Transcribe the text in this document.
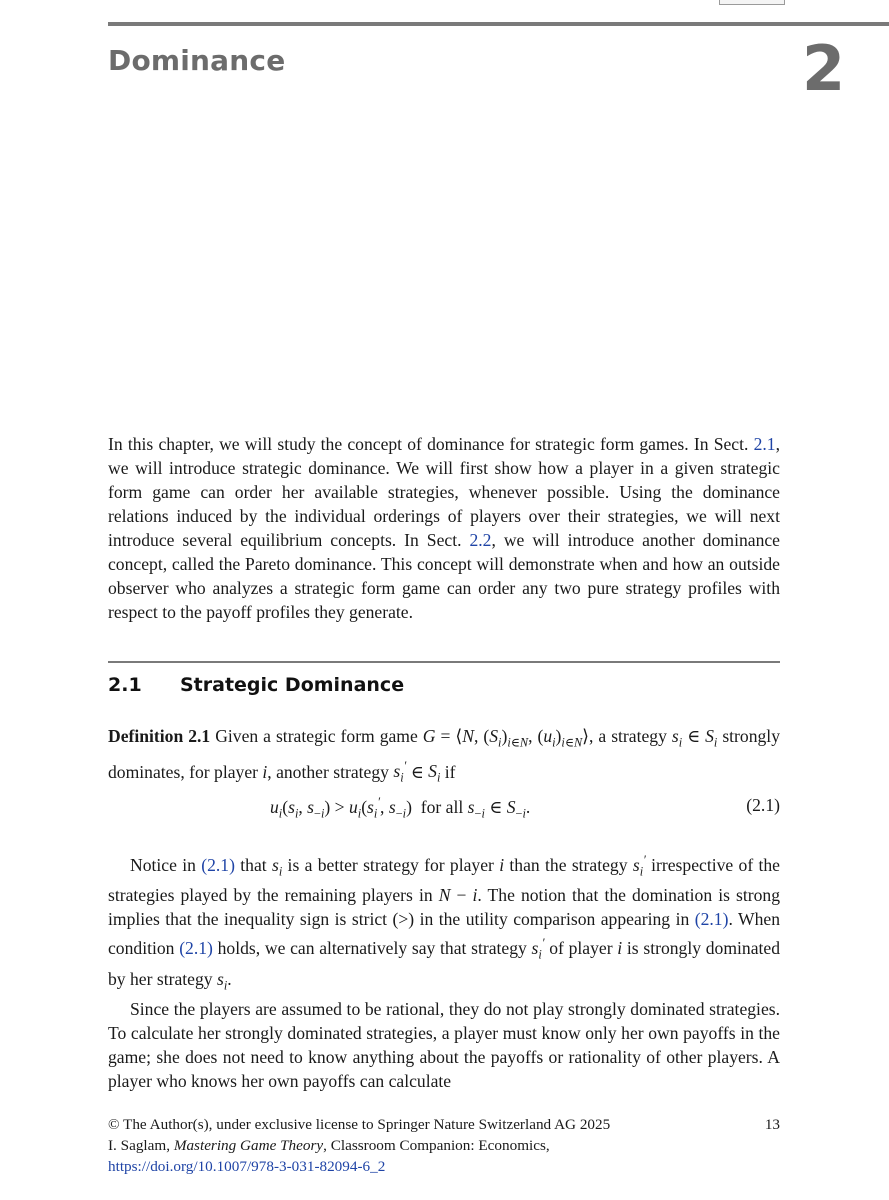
Dominance	2

In this chapter, we will study the concept of dominance for strategic form games. In Sect. 2.1, we will introduce strategic dominance. We will first show how a player in a given strategic form game can order her available strategies, whenever possible. Using the dominance relations induced by the individual orderings of players over their strategies, we will next introduce several equilibrium concepts. In Sect. 2.2, we will introduce another dominance concept, called the Pareto dominance. This concept will demonstrate when and how an outside observer who analyzes a strategic form game can order any two pure strategy profiles with respect to the payoff profiles they generate.

2.1 Strategic Dominance

Definition 2.1 Given a strategic form game G = ⟨N, $(S_i)_{i\in N}$, $(u_i)_{i\in N}⟩$, a strategy $s_i$ ∈ $S_i$ strongly dominates, for player i, another strategy $s_i'$ ∈ $S_i$ if

$u_i(s_i$, $s_{-i}) > u_i(s_i'$, $s_{-i}$)  for all $s_{-i}$ ∈ $S_{-i}$.	(2.1)

Notice in (2.1) that $s_i$ is a better strategy for player i than the strategy $s_i'$ irrespective of the strategies played by the remaining players in N − i. The notion that the domination is strong implies that the inequality sign is strict (>) in the utility comparison appearing in (2.1). When condition (2.1) holds, we can alternatively say that strategy $s_i'$ of player i is strongly dominated by her strategy $s_i$.

Since the players are assumed to be rational, they do not play strongly dominated strategies. To calculate her strongly dominated strategies, a player must know only her own payoffs in the game; she does not need to know anything about the payoffs or rationality of other players. A player who knows her own payoffs can calculate

© The Author(s), under exclusive license to Springer Nature Switzerland AG 2025
I. Saglam, Mastering Game Theory, Classroom Companion: Economics,
https://doi.org/10.1007/978-3-031-82094-6_2
13
